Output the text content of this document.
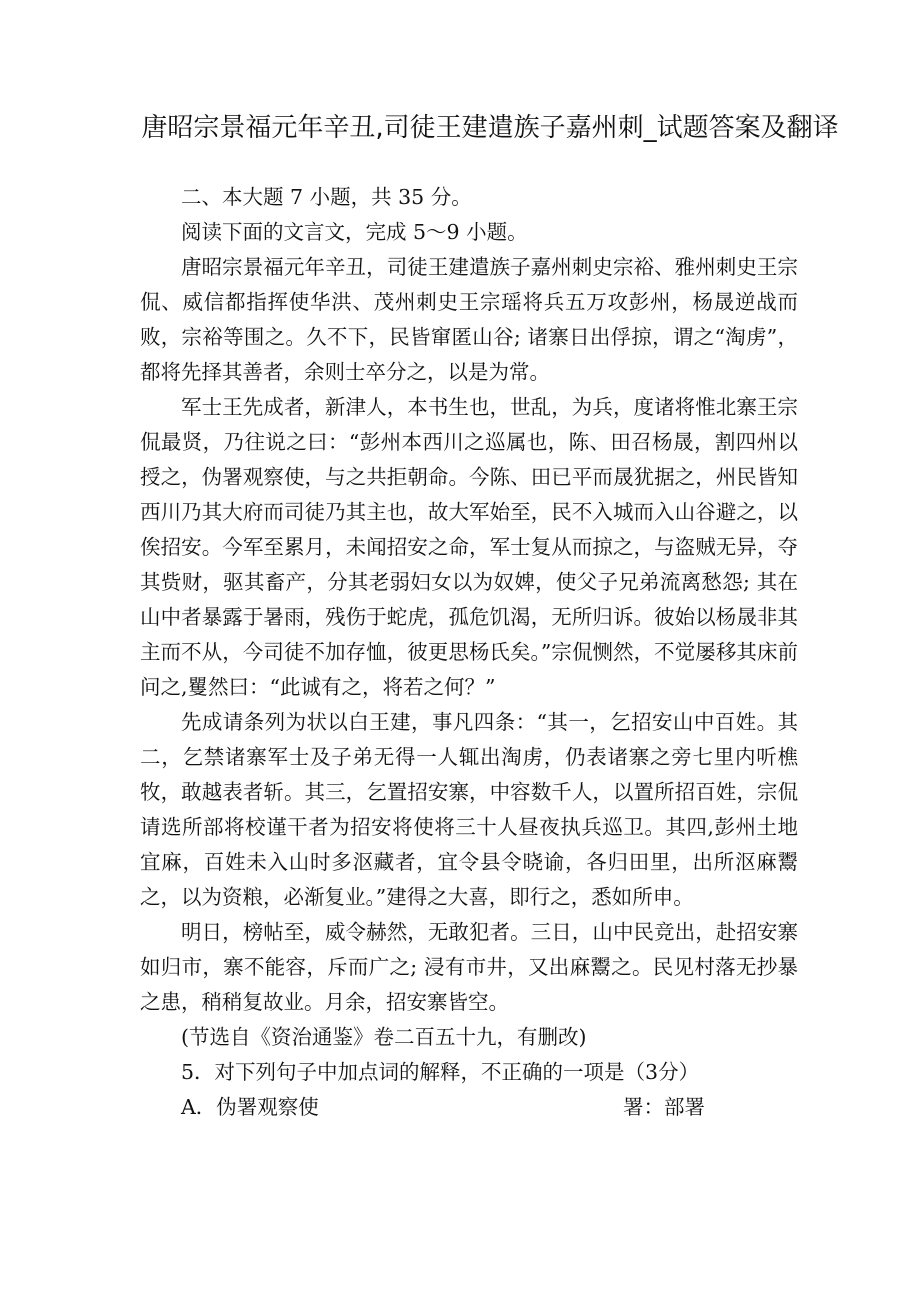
唐昭宗景福元年辛丑,司徒王建遣族子嘉州刺_试题答案及翻译

二、本大题 7 小题，共 35 分。

阅读下面的文言文，完成 5～9 小题。

唐昭宗景福元年辛丑，司徒王建遣族子嘉州刺史宗裕、雅州刺史王宗侃、威信都指挥使华洪、茂州刺史王宗瑶将兵五万攻彭州，杨晟逆战而败，宗裕等围之。久不下，民皆窜匿山谷; 诸寨日出俘掠，谓之“淘虏”，都将先择其善者，余则士卒分之，以是为常。

军士王先成者，新津人，本书生也，世乱，为兵，度诸将惟北寨王宗侃最贤，乃往说之曰：“彭州本西川之巡属也，陈、田召杨晟，割四州以授之，伪署观察使，与之共拒朝命。今陈、田已平而晟犹据之，州民皆知西川乃其大府而司徒乃其主也，故大军始至，民不入城而入山谷避之，以俟招安。今军至累月，未闻招安之命，军士复从而掠之，与盗贼无异，夺其赀财，驱其畜产，分其老弱妇女以为奴婢，使父子兄弟流离愁怨; 其在山中者暴露于暑雨，残伤于蛇虎，孤危饥渴，无所归诉。彼始以杨晟非其主而不从，今司徒不加存恤，彼更思杨氏矣。”宗侃恻然，不觉屡移其床前问之,矍然曰：“此诚有之，将若之何？”

先成请条列为状以白王建，事凡四条：“其一，乞招安山中百姓。其二，乞禁诸寨军士及子弟无得一人辄出淘虏，仍表诸寨之旁七里内听樵牧，敢越表者斩。其三，乞置招安寨，中容数千人，以置所招百姓，宗侃请选所部将校谨干者为招安将使将三十人昼夜执兵巡卫。其四,彭州土地宜麻，百姓未入山时多沤藏者，宜令县令晓谕，各归田里，出所沤麻鬻之，以为资粮，必渐复业。”建得之大喜，即行之，悉如所申。

明日，榜帖至，威令赫然，无敢犯者。三日，山中民竞出，赴招安寨如归市，寨不能容，斥而广之; 浸有市井，又出麻鬻之。民见村落无抄暴之患，稍稍复故业。月余，招安寨皆空。

(节选自《资治通鉴》卷二百五十九，有删改)

5．对下列句子中加点词的解释，不正确的一项是（3分）

A．伪署观察使	署：部署
